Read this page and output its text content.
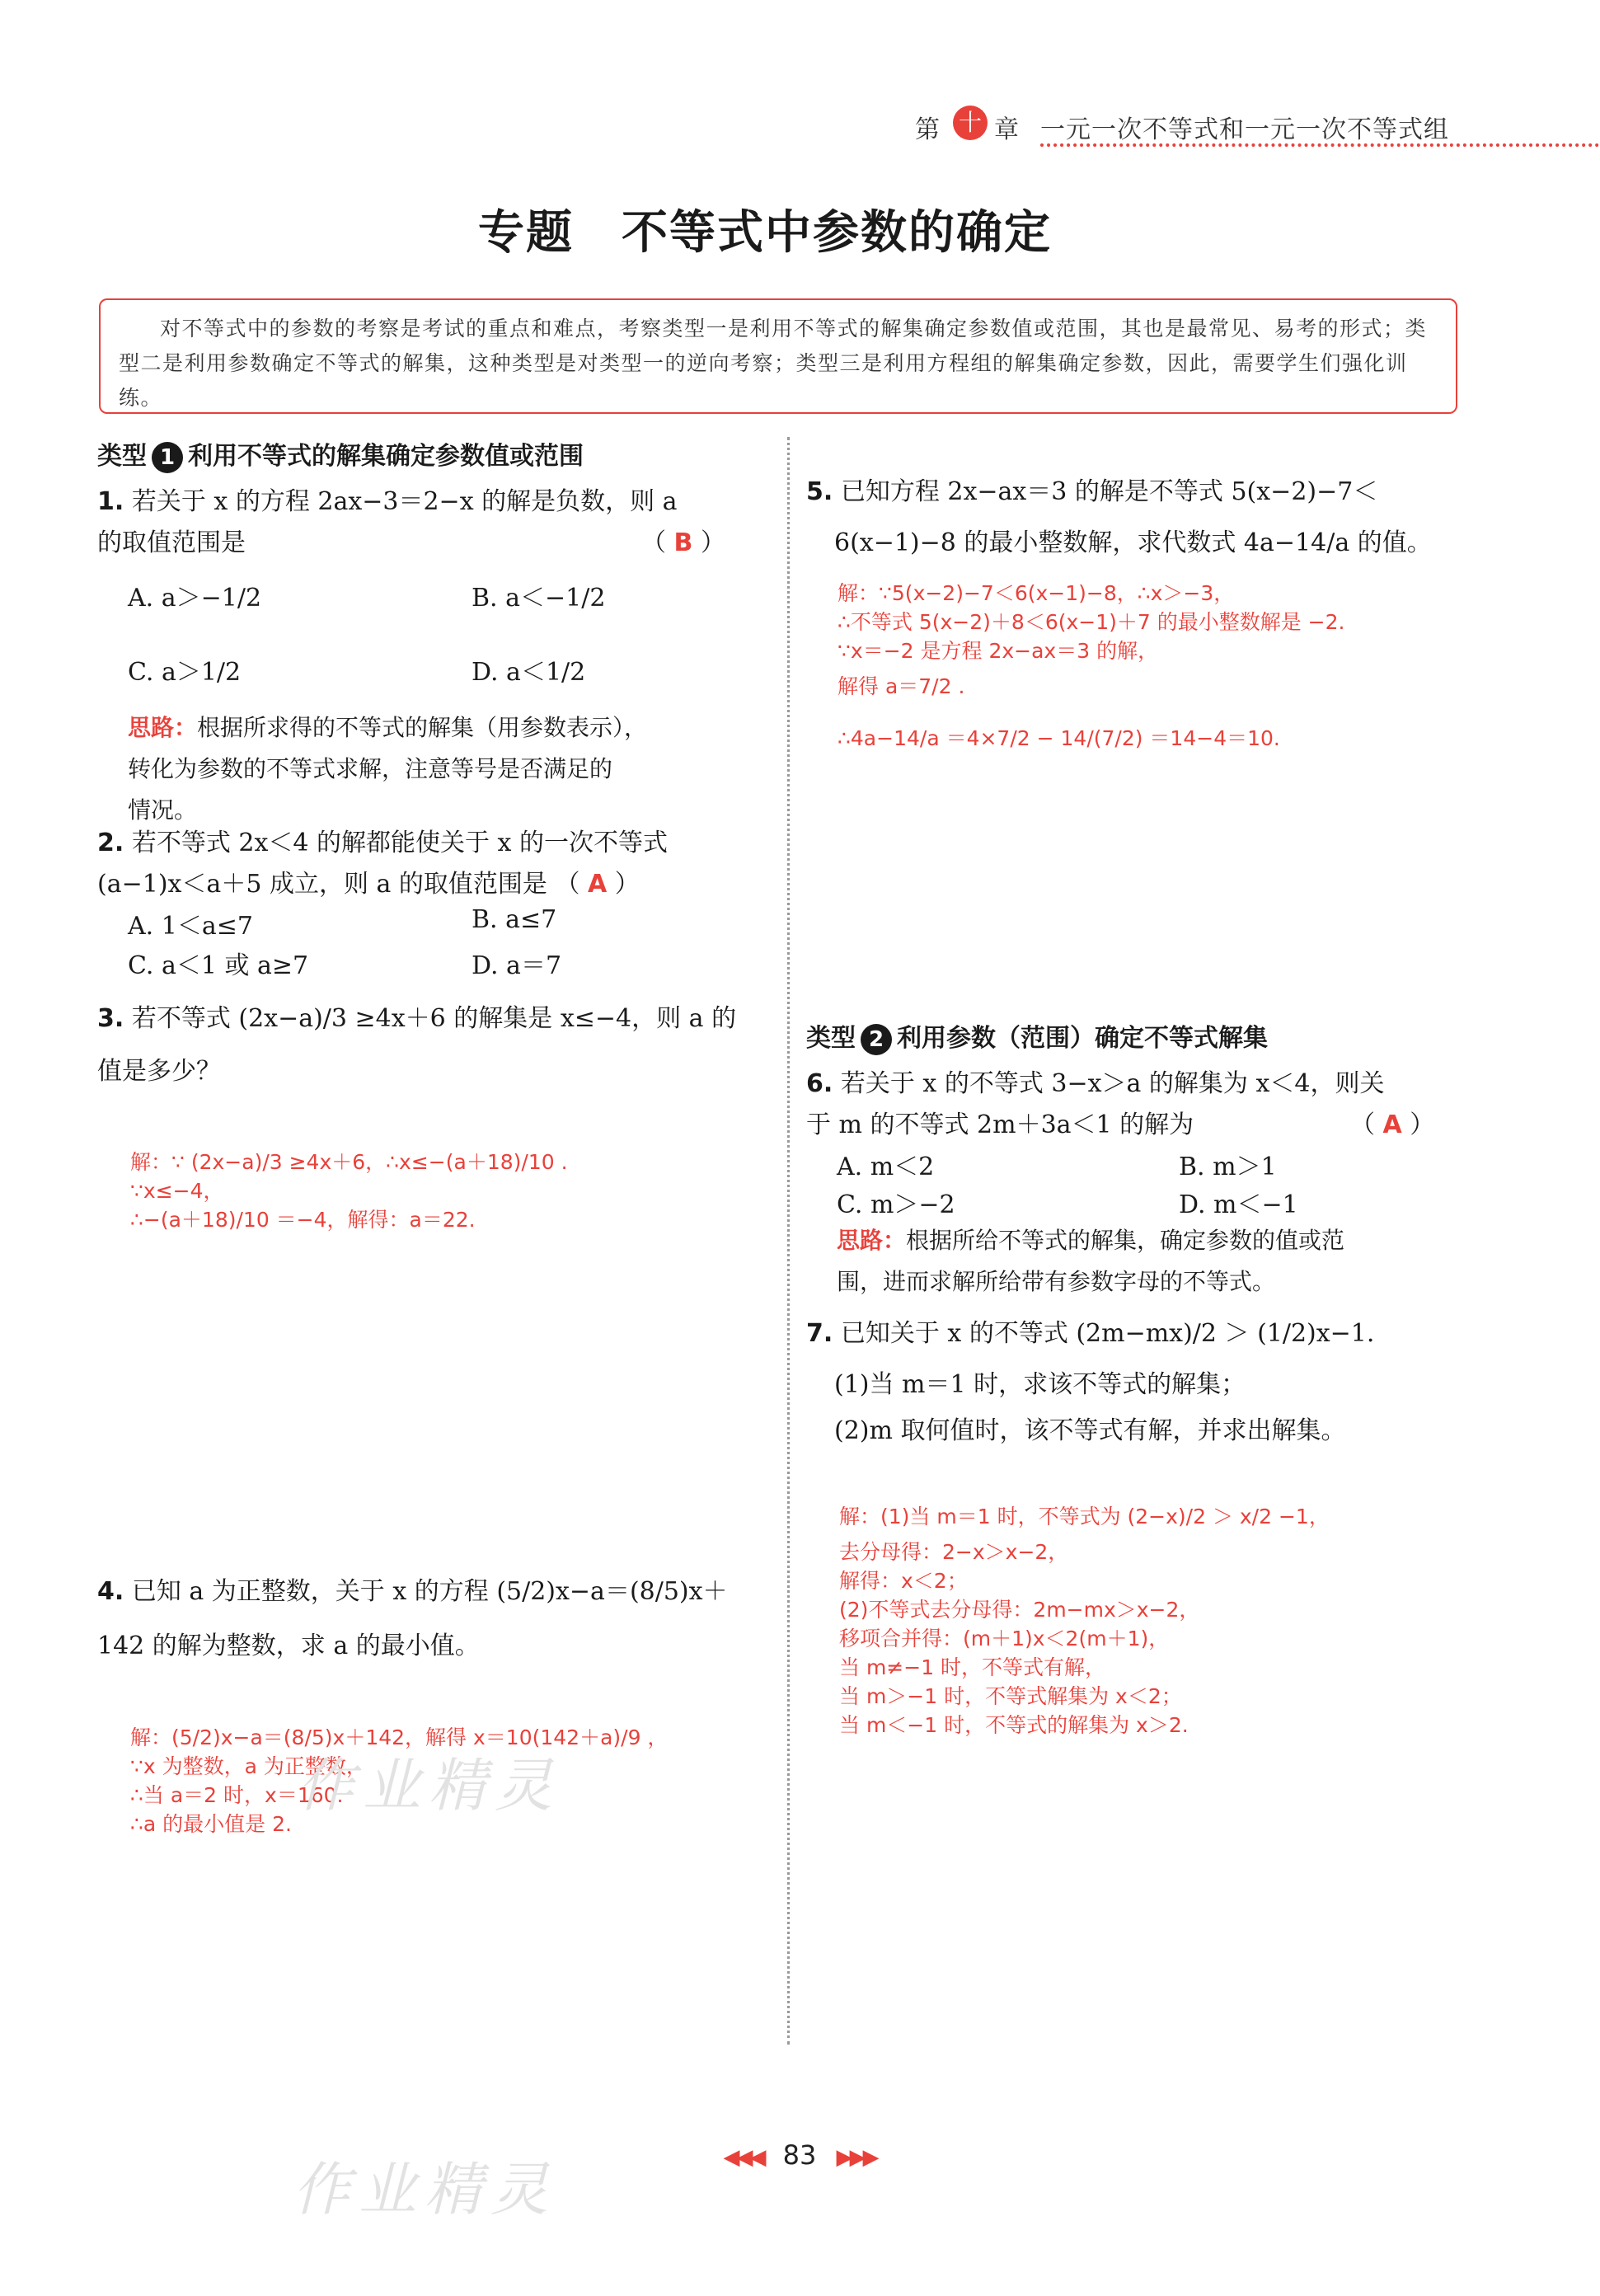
第 十 章 一元一次不等式和一元一次不等式组
专题　不等式中参数的确定
对不等式中的参数的考察是考试的重点和难点，考察类型一是利用不等式的解集确定参数值或范围，其也是最常见、易考的形式；类型二是利用参数确定不等式的解集，这种类型是对类型一的逆向考察；类型三是利用方程组的解集确定参数，因此，需要学生们强化训练。
类型 1 利用不等式的解集确定参数值或范围
1. 若关于 x 的方程 2ax−3＝2−x 的解是负数，则 a
的取值范围是	（ B ）
A. a＞−1/2	B. a＜−1/2
C. a＞1/2	D. a＜1/2
思路：根据所求得的不等式的解集（用参数表示），
转化为参数的不等式求解，注意等号是否满足的
情况。
2. 若不等式 2x＜4 的解都能使关于 x 的一次不等式
(a−1)x＜a＋5 成立，则 a 的取值范围是 （ A ）
A. 1＜a≤7	B. a≤7
C. a＜1 或 a≥7	D. a＝7
3. 若不等式 (2x−a)/3 ≥4x＋6 的解集是 x≤−4，则 a 的
值是多少？
解：∵ (2x−a)/3 ≥4x＋6，∴x≤−(a＋18)/10 .
∵x≤−4，
∴−(a＋18)/10 ＝−4，解得：a＝22.
4. 已知 a 为正整数，关于 x 的方程 (5/2)x−a＝(8/5)x＋
142 的解为整数，求 a 的最小值。
解：(5/2)x−a＝(8/5)x＋142，解得 x＝10(142＋a)/9 ，
∵x 为整数，a 为正整数，
∴当 a＝2 时，x＝160.
∴a 的最小值是 2.
5. 已知方程 2x−ax＝3 的解是不等式 5(x−2)−7＜
6(x−1)−8 的最小整数解，求代数式 4a−14/a 的值。
解：∵5(x−2)−7＜6(x−1)−8，∴x＞−3，
∴不等式 5(x−2)＋8＜6(x−1)＋7 的最小整数解是 −2.
∵x＝−2 是方程 2x−ax＝3 的解，
解得 a＝7/2 .
∴4a−14/a ＝4×7/2 − 14/(7/2) ＝14−4＝10.
类型 2 利用参数（范围）确定不等式解集
6. 若关于 x 的不等式 3−x＞a 的解集为 x＜4，则关
于 m 的不等式 2m＋3a＜1 的解为	（ A ）
A. m＜2	B. m＞1
C. m＞−2	D. m＜−1
思路：根据所给不等式的解集，确定参数的值或范
围，进而求解所给带有参数字母的不等式。
7. 已知关于 x 的不等式 (2m−mx)/2 ＞ (1/2)x−1.
(1)当 m＝1 时，求该不等式的解集；
(2)m 取何值时，该不等式有解，并求出解集。
解：(1)当 m＝1 时，不等式为 (2−x)/2 ＞ x/2 −1，
去分母得：2−x＞x−2，
解得：x＜2；
(2)不等式去分母得：2m−mx＞x−2，
移项合并得：(m＋1)x＜2(m＋1)，
当 m≠−1 时，不等式有解，
当 m＞−1 时，不等式解集为 x＜2；
当 m＜−1 时，不等式的解集为 x＞2.
◀◀◀ 83 ▶▶▶
作业精灵
作业精灵
